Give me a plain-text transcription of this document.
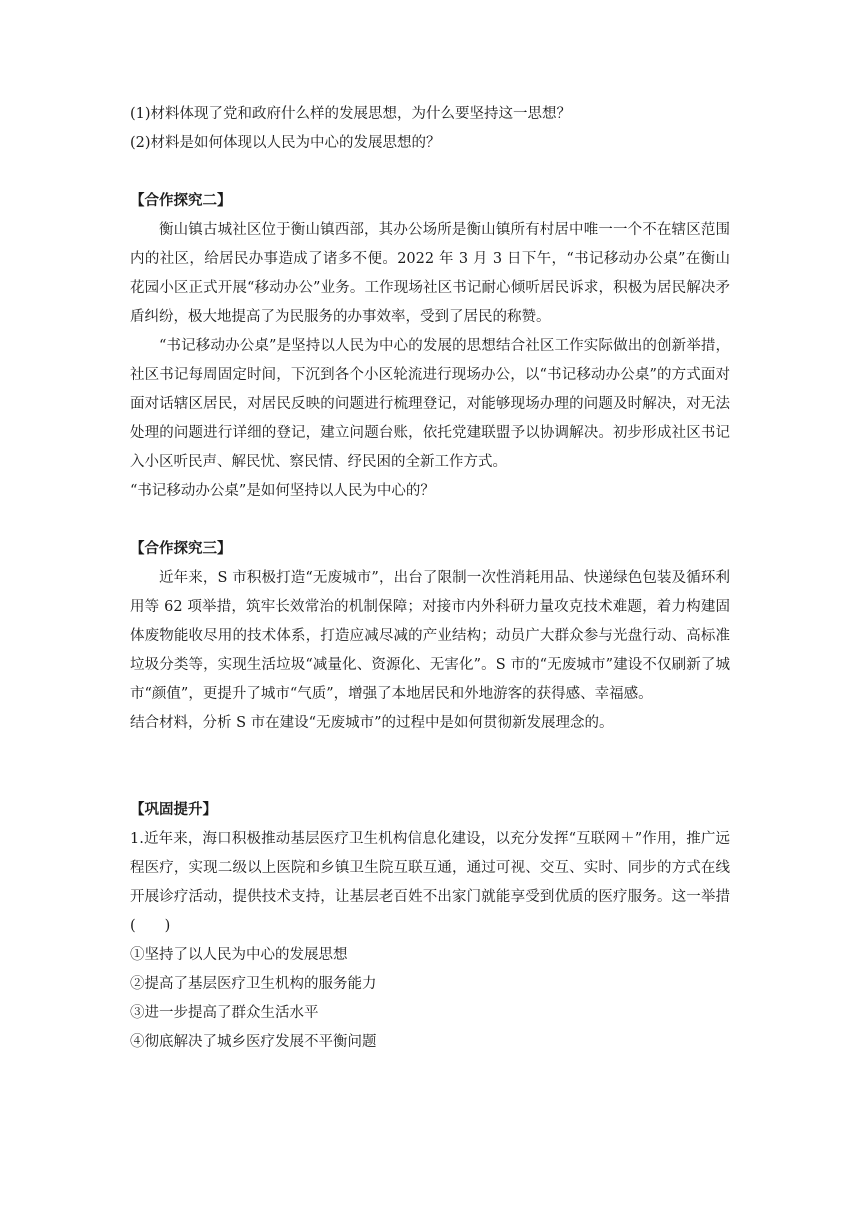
(1)材料体现了党和政府什么样的发展思想，为什么要坚持这一思想？

(2)材料是如何体现以人民为中心的发展思想的？

【合作探究二】

衡山镇古城社区位于衡山镇西部，其办公场所是衡山镇所有村居中唯一一个不在辖区范围内的社区，给居民办事造成了诸多不便。2022 年 3 月 3 日下午，“书记移动办公桌”在衡山花园小区正式开展“移动办公”业务。工作现场社区书记耐心倾听居民诉求，积极为居民解决矛盾纠纷，极大地提高了为民服务的办事效率，受到了居民的称赞。

“书记移动办公桌”是坚持以人民为中心的发展的思想结合社区工作实际做出的创新举措，社区书记每周固定时间，下沉到各个小区轮流进行现场办公，以“书记移动办公桌”的方式面对面对话辖区居民，对居民反映的问题进行梳理登记，对能够现场办理的问题及时解决，对无法处理的问题进行详细的登记，建立问题台账，依托党建联盟予以协调解决。初步形成社区书记入小区听民声、解民忧、察民情、纾民困的全新工作方式。

“书记移动办公桌”是如何坚持以人民为中心的？

【合作探究三】

近年来，S 市积极打造“无废城市”，出台了限制一次性消耗用品、快递绿色包装及循环利用等 62 项举措，筑牢长效常治的机制保障；对接市内外科研力量攻克技术难题，着力构建固体废物能收尽用的技术体系，打造应减尽减的产业结构；动员广大群众参与光盘行动、高标准垃圾分类等，实现生活垃圾“减量化、资源化、无害化”。S 市的“无废城市”建设不仅刷新了城市“颜值”，更提升了城市“气质”，增强了本地居民和外地游客的获得感、幸福感。

结合材料，分析 S 市在建设“无废城市”的过程中是如何贯彻新发展理念的。

【巩固提升】

1.近年来，海口积极推动基层医疗卫生机构信息化建设，以充分发挥“互联网＋”作用，推广远程医疗，实现二级以上医院和乡镇卫生院互联互通，通过可视、交互、实时、同步的方式在线开展诊疗活动，提供技术支持，让基层老百姓不出家门就能享受到优质的医疗服务。这一举措(　　)

①坚持了以人民为中心的发展思想

②提高了基层医疗卫生机构的服务能力

③进一步提高了群众生活水平

④彻底解决了城乡医疗发展不平衡问题
